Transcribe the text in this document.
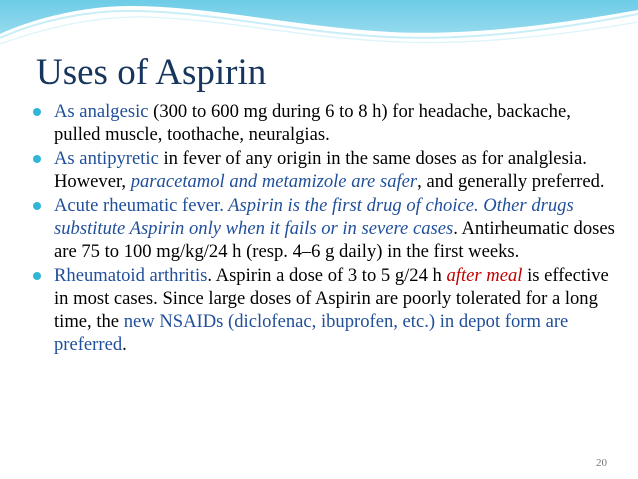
Uses of Aspirin
As analgesic (300 to 600 mg during 6 to 8 h) for headache, backache, pulled muscle, toothache, neuralgias.
As antipyretic in fever of any origin in the same doses as for analglesia. However, paracetamol and metamizole are safer, and generally preferred.
Acute rheumatic fever. Aspirin is the first drug of choice. Other drugs substitute Aspirin only when it fails or in severe cases. Antirheumatic doses are 75 to 100 mg/kg/24 h (resp. 4–6 g daily) in the first weeks.
Rheumatoid arthritis. Aspirin a dose of 3 to 5 g/24 h after meal is effective in most cases. Since large doses of Aspirin are poorly tolerated for a long time, the new NSAIDs (diclofenac, ibuprofen, etc.) in depot form are preferred.
20
